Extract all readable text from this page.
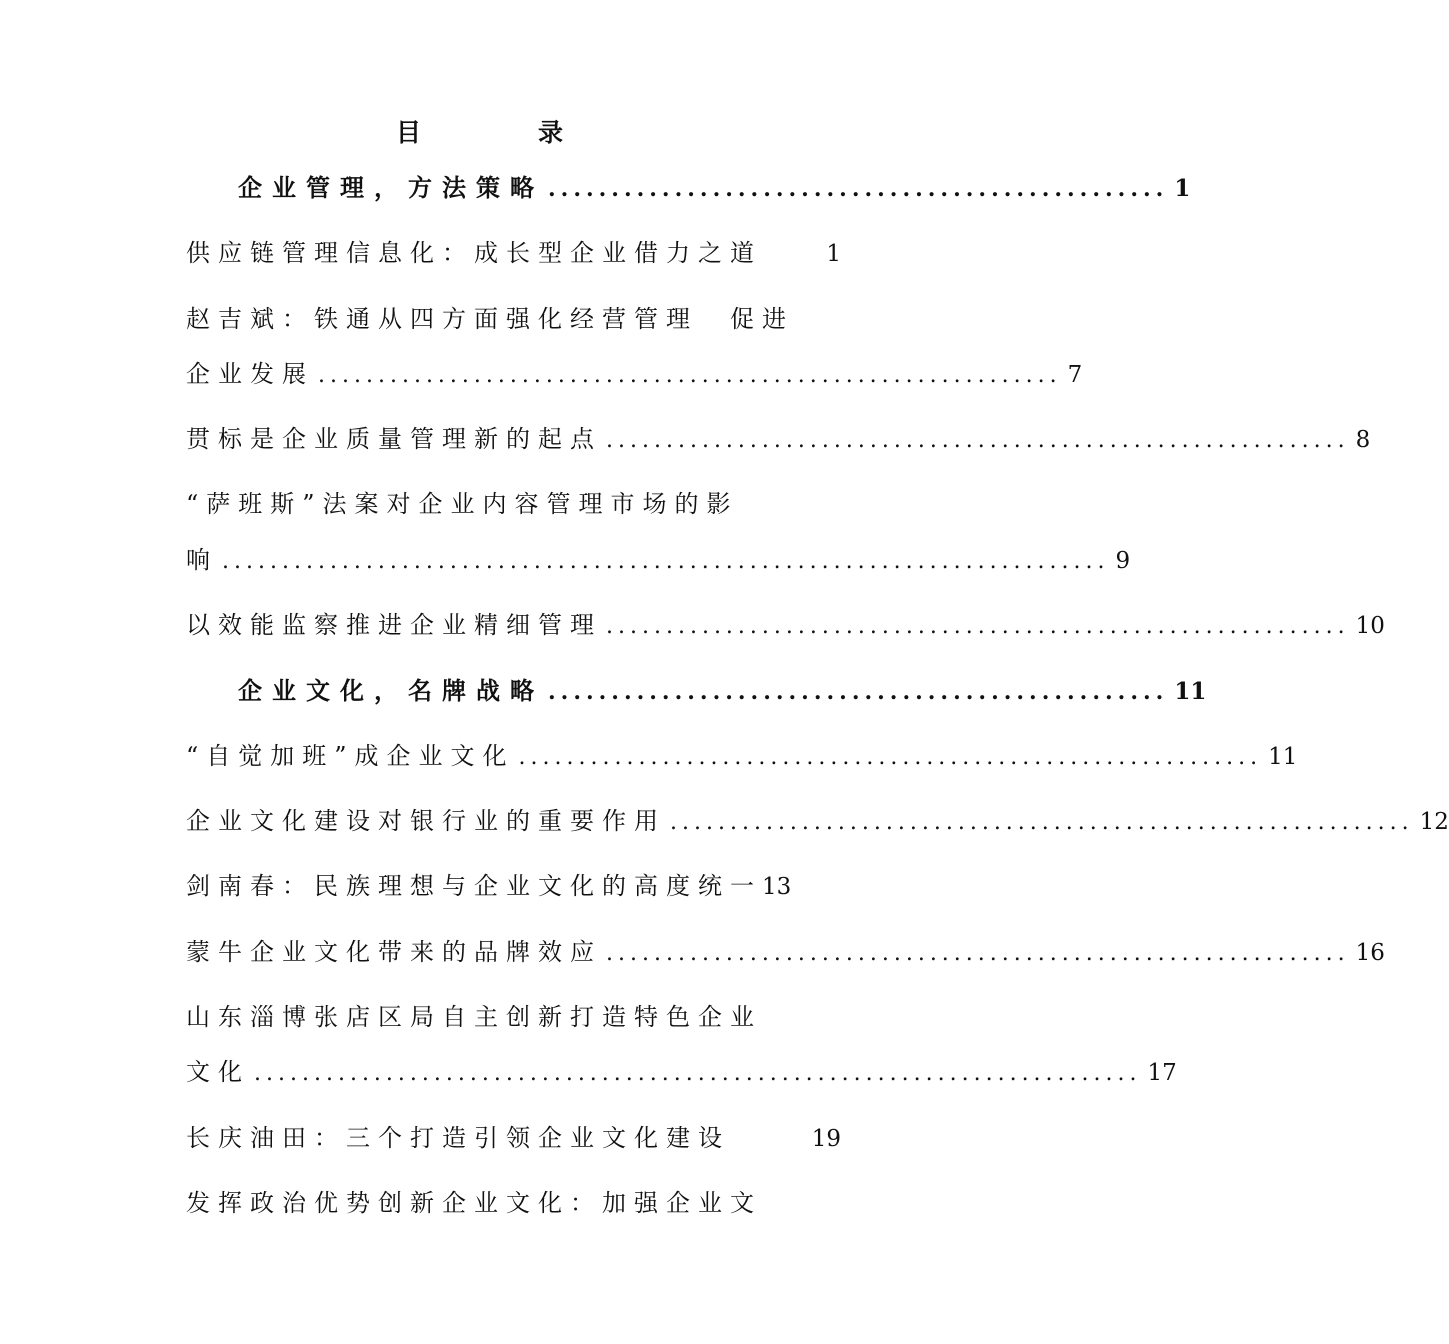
目　录
企业管理，方法策略 ................................................. 1
供应链管理信息化：成长型企业借力之道	1
赵吉斌：铁通从四方面强化经营管理　促进
企业发展 .............................................................. 7
贯标是企业质量管理新的起点 .............................................................. 8
“萨班斯”法案对企业内容管理市场的影
响 .......................................................................... 9
以效能监察推进企业精细管理 .............................................................. 10
企业文化，名牌战略 ................................................. 11
“自觉加班”成企业文化 .............................................................. 11
企业文化建设对银行业的重要作用 .............................................................. 12
剑南春：民族理想与企业文化的高度统一 13
蒙牛企业文化带来的品牌效应 .............................................................. 16
山东淄博张店区局自主创新打造特色企业
文化 .......................................................................... 17
长庆油田：三个打造引领企业文化建设	19
发挥政治优势创新企业文化：加强企业文
